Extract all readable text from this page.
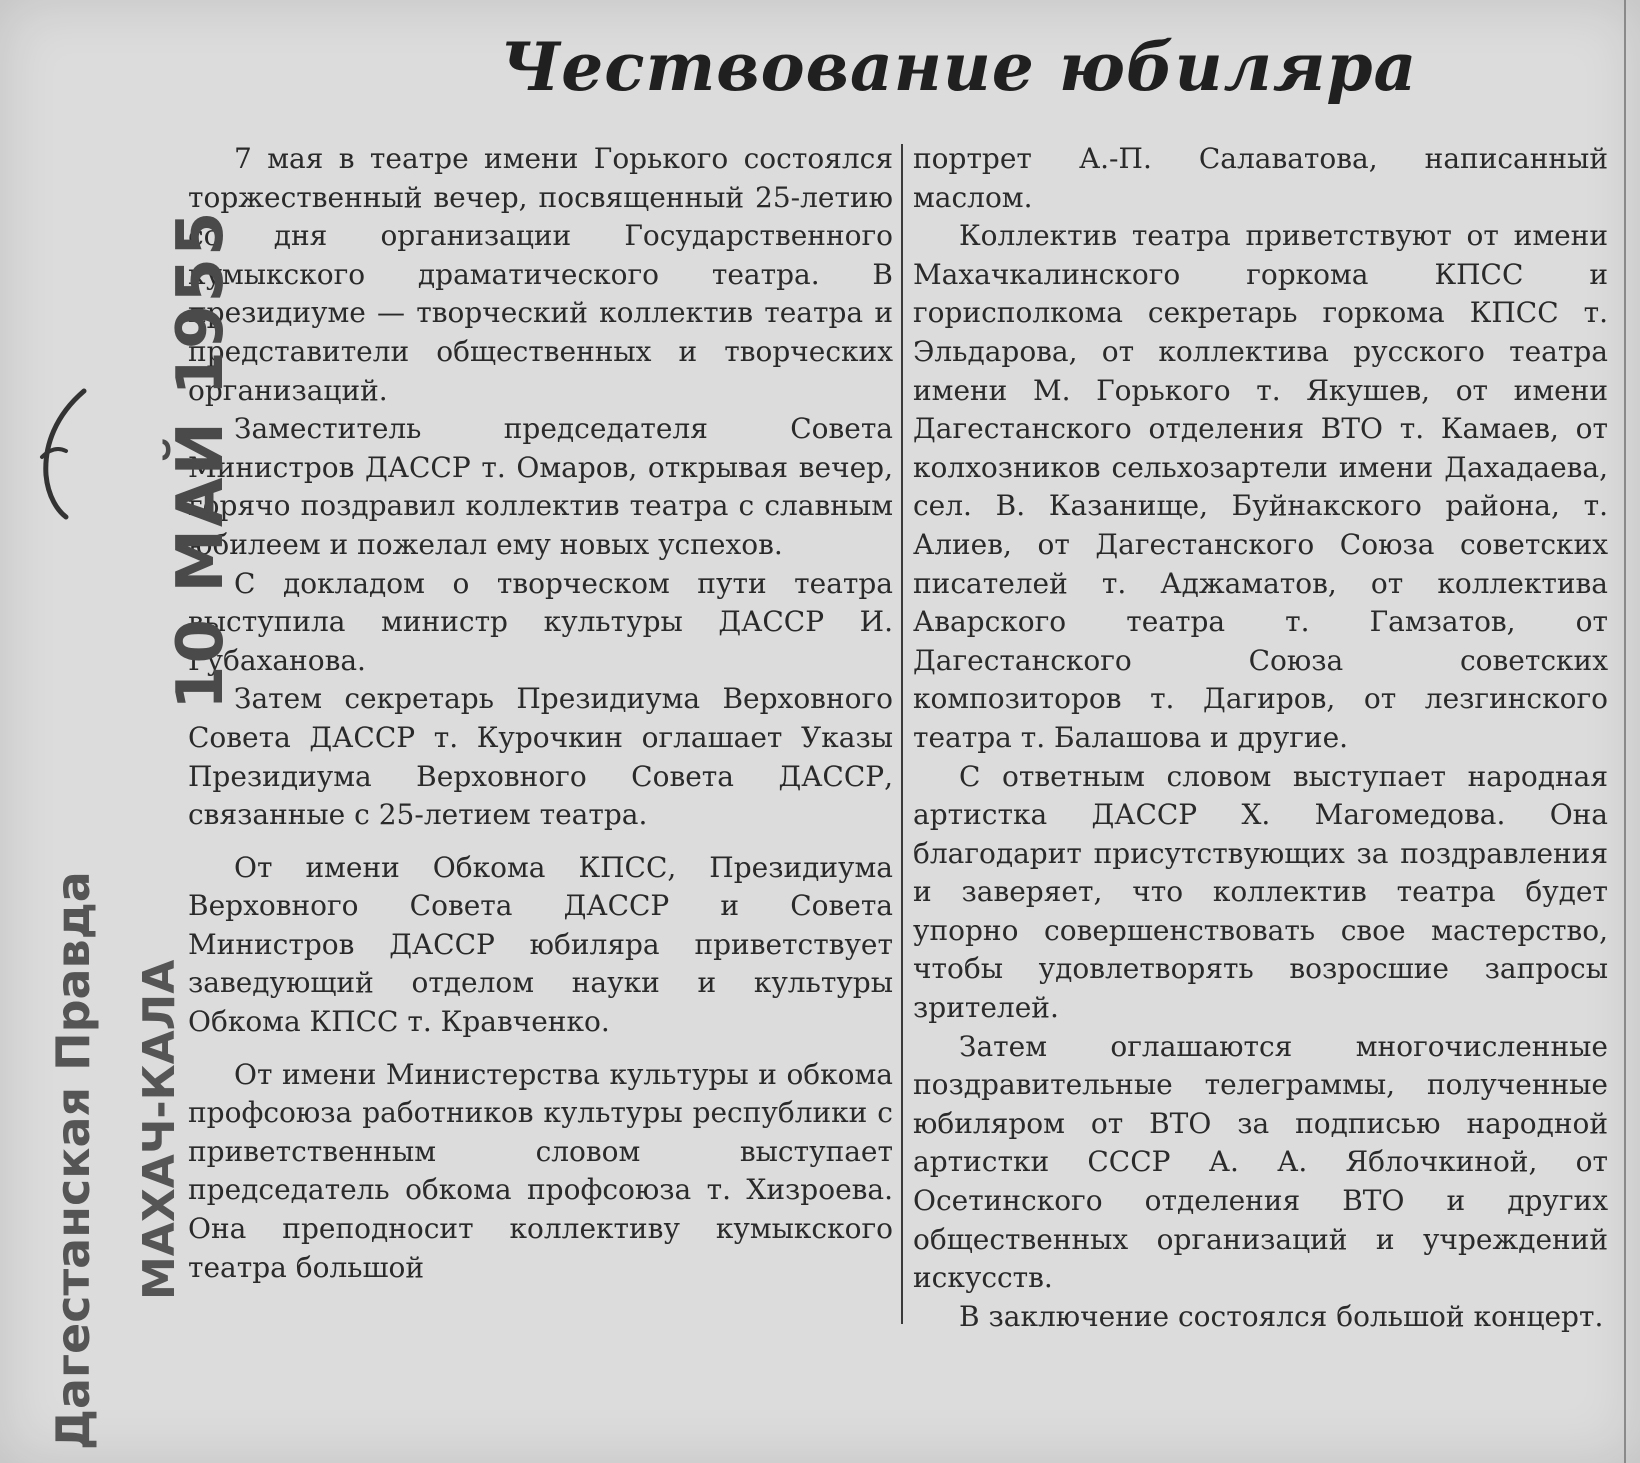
Чествование юбиляра

7 мая в театре имени Горького состоялся торжественный вечер, посвященный 25-летию со дня организации Государственного кумыкского драматического театра. В президиуме — творческий коллектив театра и представители общественных и творческих организаций.

Заместитель председателя Совета Министров ДАССР т. Омаров, открывая вечер, горячо поздравил коллектив театра с славным юбилеем и пожелал ему новых успехов.

С докладом о творческом пути театра выступила министр культуры ДАССР И. Губаханова.

Затем секретарь Президиума Верховного Совета ДАССР т. Курочкин оглашает Указы Президиума Верховного Совета ДАССР, связанные с 25-летием театра.

От имени Обкома КПСС, Президиума Верховного Совета ДАССР и Совета Министров ДАССР юбиляра приветствует заведующий отделом науки и культуры Обкома КПСС т. Кравченко.

От имени Министерства культуры и обкома профсоюза работников культуры республики с приветственным словом выступает председатель обкома профсоюза т. Хизроева. Она преподносит коллективу кумыкского театра большой

портрет А.-П. Салаватова, написанный маслом.

Коллектив театра приветствуют от имени Махачкалинского горкома КПСС и горисполкома секретарь горкома КПСС т. Эльдарова, от коллектива русского театра имени М. Горького т. Якушев, от имени Дагестанского отделения ВТО т. Камаев, от колхозников сельхозартели имени Дахадаева, сел. В. Казанище, Буйнакского района, т. Алиев, от Дагестанского Союза советских писателей т. Аджаматов, от коллектива Аварского театра т. Гамзатов, от Дагестанского Союза советских композиторов т. Дагиров, от лезгинского театра т. Балашова и другие.

С ответным словом выступает народная артистка ДАССР Х. Магомедова. Она благодарит присутствующих за поздравления и заверяет, что коллектив театра будет упорно совершенствовать свое мастерство, чтобы удовлетворять возросшие запросы зрителей.

Затем оглашаются многочисленные поздравительные телеграммы, полученные юбиляром от ВТО за подписью народной артистки СССР А. А. Яблочкиной, от Осетинского отделения ВТО и других общественных организаций и учреждений искусств.

В заключение состоялся большой концерт.

10 МАЙ 1955
Дагестанская Правда МАХАЧ-КАЛА
